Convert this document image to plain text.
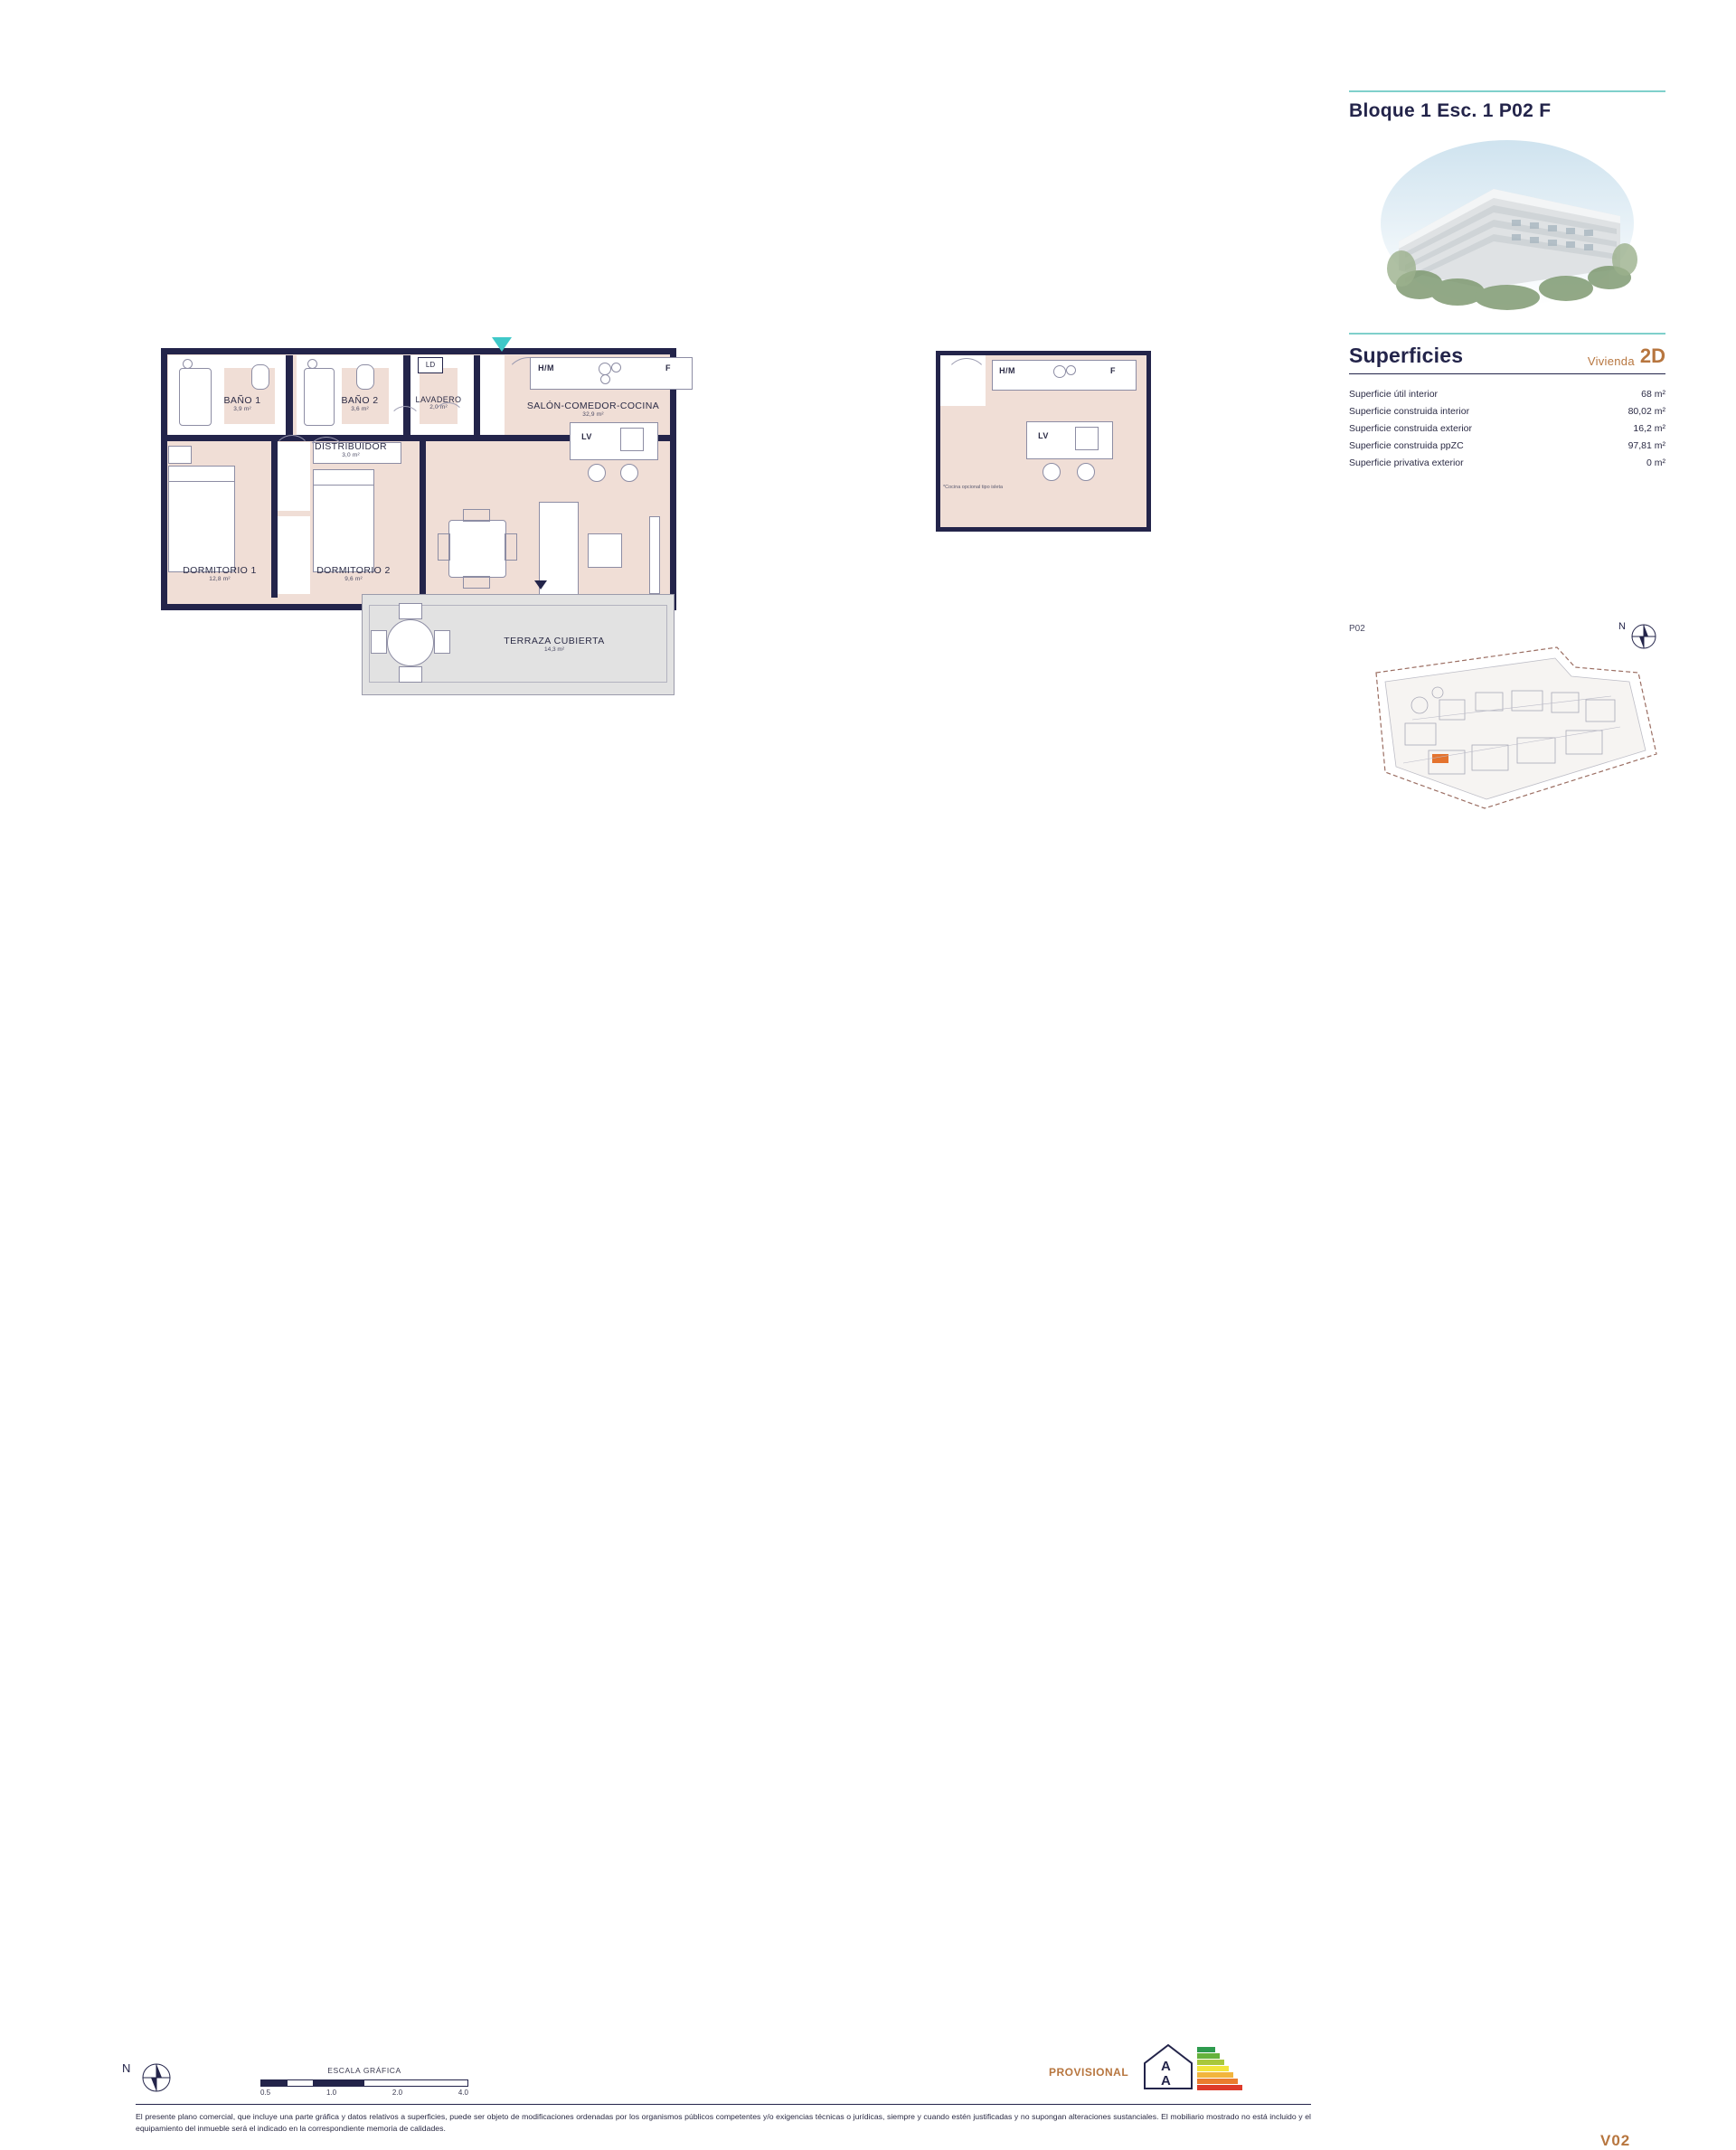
LD	H/M	F
LV
BAÑO 1
3,9 m²
BAÑO 2
3,6 m²
LAVADERO
2,0 m²
DISTRIBUIDOR
3,0 m²
SALÓN-COMEDOR-COCINA
32,9 m²
DORMITORIO 1
12,8 m²
DORMITORIO 2
9,6 m²
TERRAZA CUBIERTA
14,3 m²
H/M	F
LV
*Cocina opcional tipo isleta

Bloque 1 Esc. 1 P02 F
Superficies	Vivienda 2D
Superficie útil interior	68 m²
Superficie construida interior	80,02 m²
Superficie construida exterior	16,2 m²
Superficie construida ppZC	97,81 m²
Superficie privativa exterior	0 m²
P02	N
N	ESCALA GRÁFICA
0.5	1.0	2.0	4.0
PROVISIONAL A
A
El presente plano comercial, que incluye una parte gráfica y datos relativos a superficies, puede ser objeto de modificaciones ordenadas por los organismos públicos competentes y/o exigencias técnicas o jurídicas, siempre y cuando estén justificadas y no supongan alteraciones sustanciales. El mobiliario mostrado no está incluido y el equipamiento del inmueble será el indicado en la correspondiente memoria de calidades.
V02
